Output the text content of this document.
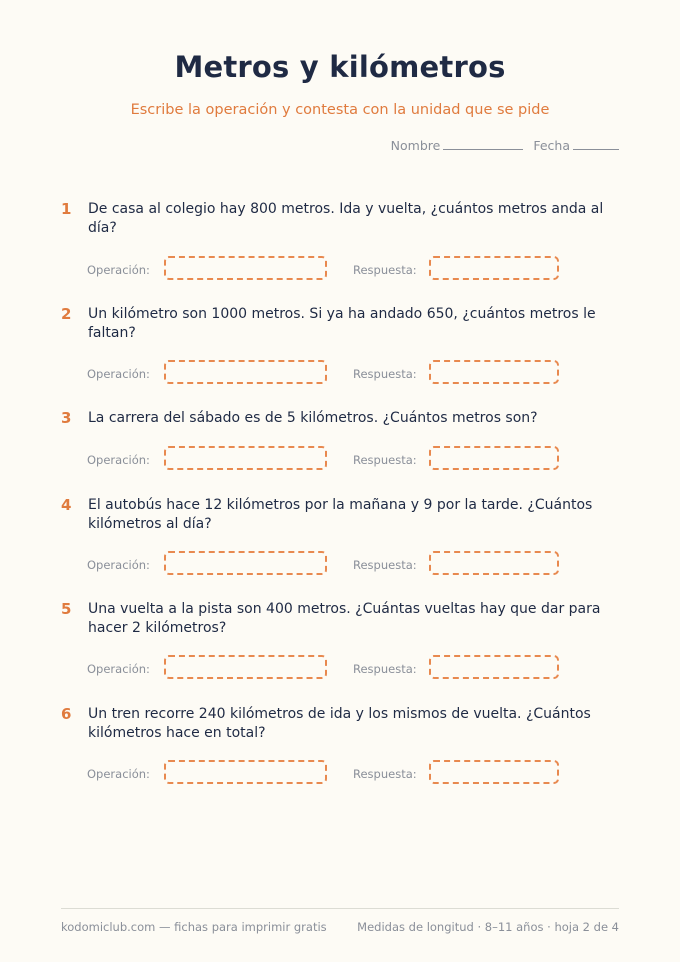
Metros y kilómetros
Escribe la operación y contesta con la unidad que se pide
Nombre	Fecha
1 De casa al colegio hay 800 metros. Ida y vuelta, ¿cuántos metros anda al día?
Operación:	Respuesta:
2 Un kilómetro son 1000 metros. Si ya ha andado 650, ¿cuántos metros le faltan?
Operación:	Respuesta:
3 La carrera del sábado es de 5 kilómetros. ¿Cuántos metros son?
Operación:	Respuesta:
4 El autobús hace 12 kilómetros por la mañana y 9 por la tarde. ¿Cuántos kilómetros al día?
Operación:	Respuesta:
5 Una vuelta a la pista son 400 metros. ¿Cuántas vueltas hay que dar para hacer 2 kilómetros?
Operación:	Respuesta:
6 Un tren recorre 240 kilómetros de ida y los mismos de vuelta. ¿Cuántos kilómetros hace en total?
Operación:	Respuesta:
kodomiclub.com — fichas para imprimir gratis	Medidas de longitud · 8–11 años · hoja 2 de 4
